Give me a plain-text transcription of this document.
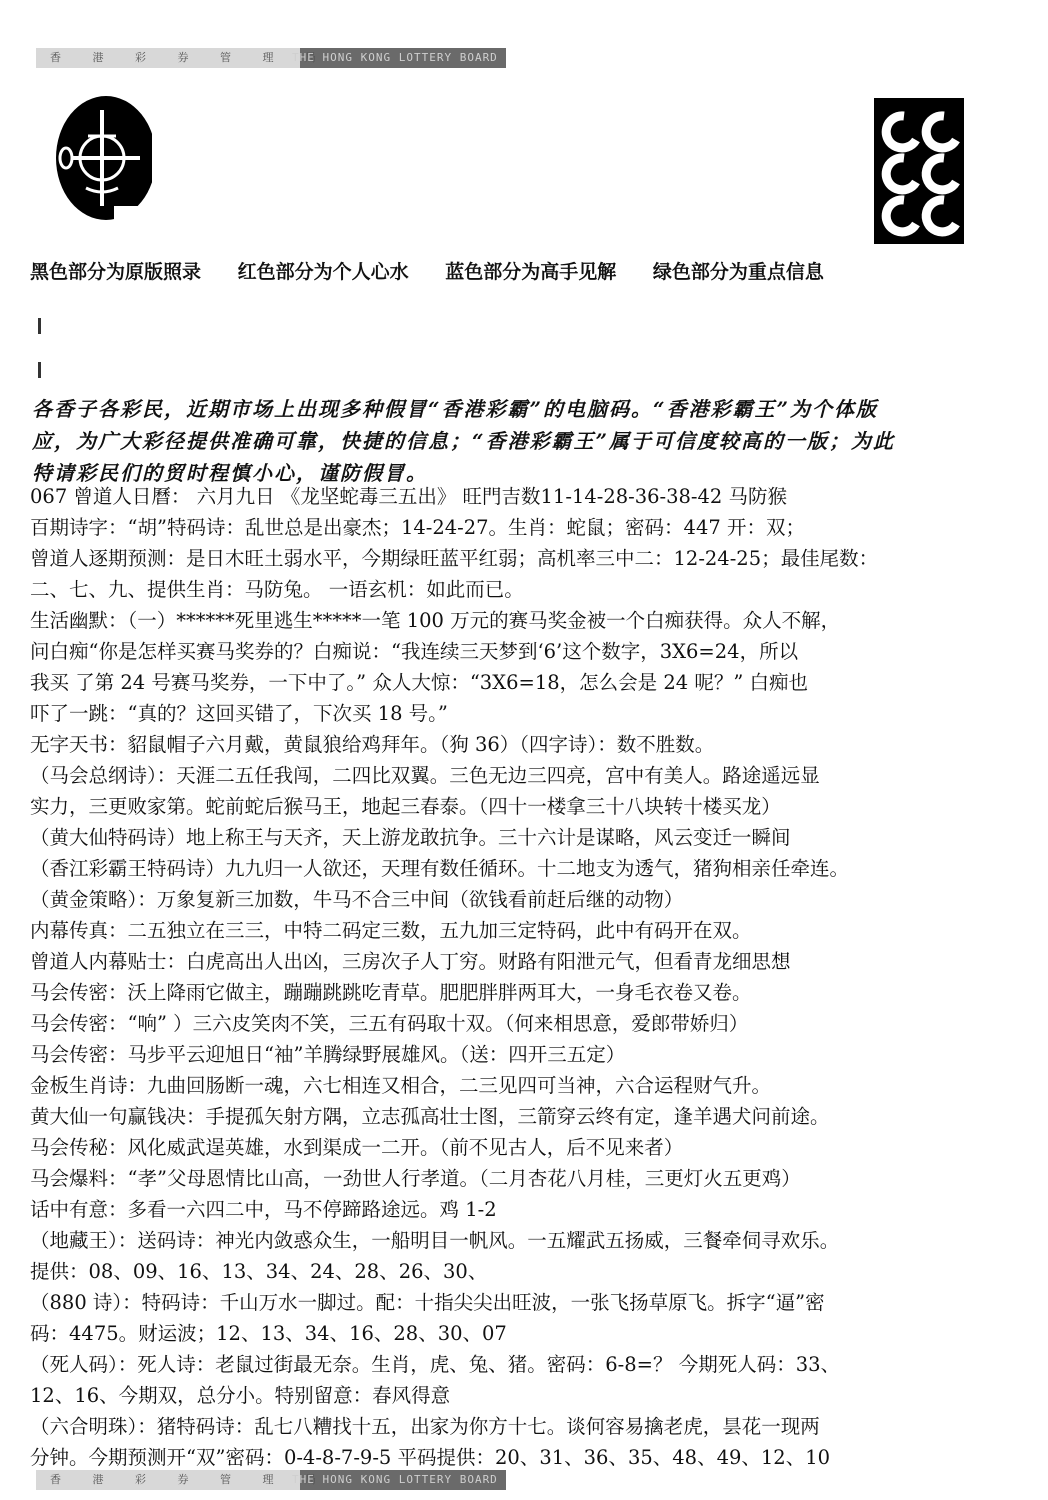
香 港 彩 券 管 理 局
THE HONG KONG LOTTERY BOARD
黑色部分为原版照录 红色部分为个人心水 蓝色部分为高手见解 绿色部分为重点信息
各香子各彩民，近期市场上出现多种假冒“香港彩霸”的电脑码。“香港彩霸王”为个体版
应，为广大彩径提供准确可靠，快捷的信息；“香港彩霸王”属于可信度较高的一版；为此
特请彩民们的贸时程慎小心，谨防假冒。
067 曾道人日曆： 六月九日 《龙坚蛇毒三五出》 旺門吉数11-14-28-36-38-42 马防猴
百期诗字：“胡”特码诗：乱世总是出豪杰；14-24-27。生肖：蛇鼠；密码：447 开：双；
曾道人逐期预测：是日木旺土弱水平，今期绿旺蓝平红弱；高机率三中二：12-24-25；最佳尾数：
二、七、九、提供生肖：马防兔。 一语玄机：如此而已。
生活幽默：（一）******死里逃生*****一笔 100 万元的赛马奖金被一个白痴获得。众人不解，
问白痴“你是怎样买赛马奖券的？白痴说：“我连续三天梦到‘6’这个数字，3X6=24，所以
我买 了第 24 号赛马奖券，一下中了。” 众人大惊：“3X6=18，怎么会是 24 呢？” 白痴也
吓了一跳：“真的？这回买错了，下次买 18 号。”
无字天书：貂鼠帽子六月戴，黄鼠狼给鸡拜年。（狗 36）（四字诗）：数不胜数。
（马会总纲诗）：天涯二五任我闯，二四比双翼。三色无边三四亮，宫中有美人。路途遥远显
实力，三更败家第。蛇前蛇后猴马王，地起三春泰。（四十一楼拿三十八块转十楼买龙）
（黄大仙特码诗）地上称王与天齐，天上游龙敢抗争。三十六计是谋略，风云变迁一瞬间
（香江彩霸王特码诗）九九归一人欲还，天理有数任循环。十二地支为透气，猪狗相亲任牵连。
（黄金策略）：万象复新三加数，牛马不合三中间（欲钱看前赶后继的动物）
内幕传真：二五独立在三三，中特二码定三数，五九加三定特码，此中有码开在双。
曾道人内幕贴士：白虎高出人出凶，三房次子人丁穷。财路有阳泄元气，但看青龙细思想
马会传密：沃上降雨它做主，蹦蹦跳跳吃青草。肥肥胖胖两耳大，一身毛衣卷又卷。
马会传密：“响” ）三六皮笑肉不笑，三五有码取十双。（何来相思意，爱郎带娇归）
马会传密：马步平云迎旭日“袖”羊腾绿野展雄风。（送：四开三五定）
金板生肖诗：九曲回肠断一魂，六七相连又相合，二三见四可当神，六合运程财气升。
黄大仙一句赢钱决：手提孤矢射方隅，立志孤高壮士图，三箭穿云终有定，逢羊遇犬问前途。
马会传秘：风化威武逞英雄，水到渠成一二开。（前不见古人，后不见来者）
马会爆料：“孝”父母恩情比山高，一劲世人行孝道。（二月杏花八月桂，三更灯火五更鸡）
话中有意：多看一六四二中，马不停蹄路途远。鸡 1-2
（地藏王）：送码诗：神光内敛惑众生，一船明目一帆风。一五耀武五扬威，三餐牵伺寻欢乐。
提供：08、09、16、13、34、24、28、26、30、
（880 诗）：特码诗：千山万水一脚过。配：十指尖尖出旺波，一张飞扬草原飞。拆字“逼”密
码：4475。财运波；12、13、34、16、28、30、07
（死人码）：死人诗：老鼠过街最无奈。生肖，虎、兔、猪。密码：6-8=？ 今期死人码：33、
12、16、今期双，总分小。特别留意：春风得意
（六合明珠）：猪特码诗：乱七八糟找十五，出家为你方十七。谈何容易擒老虎，昙花一现两
分钟。今期预测开“双”密码：0-4-8-7-9-5 平码提供：20、31、36、35、48、49、12、10
香 港 彩 券 管 理 局
THE HONG KONG LOTTERY BOARD
